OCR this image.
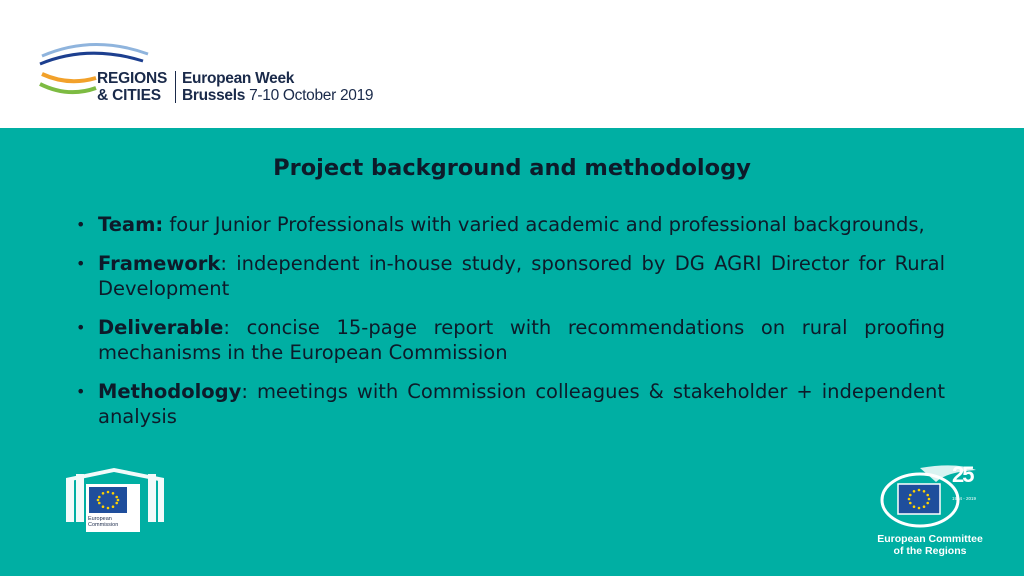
REGIONS
& CITIES
European Week
Brussels 7-10 October 2019
Project background and methodology
• Team: four Junior Professionals with varied academic and professional backgrounds,
• Framework: independent in-house study, sponsored by DG AGRI Director for Rural Development
• Deliverable: concise 15-page report with recommendations on rural proofing mechanisms in the European Commission
• Methodology: meetings with Commission colleagues & stakeholder + independent analysis
European
Commission
25
1994 - 2019
European Committee
of the Regions
